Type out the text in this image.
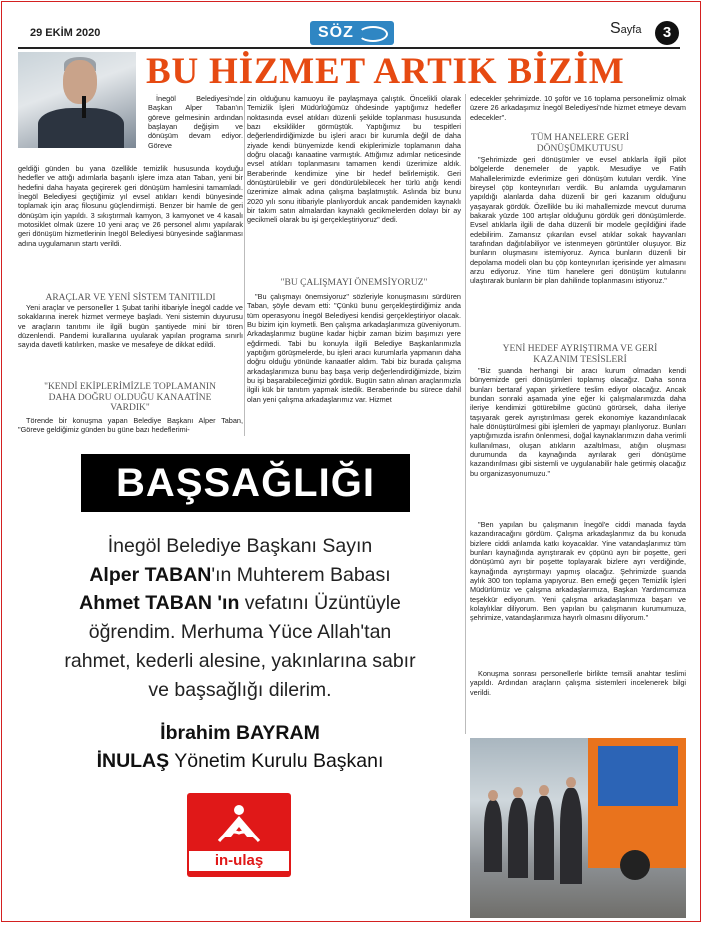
29 EKİM 2020	SÖZ	Sayfa	3
BU HİZMET ARTIK BİZİM

İnegöl Belediyesi'nde Başkan Alper Taban'ın göreve gelmesinin ardından başlayan değişim ve dönüşüm devam ediyor. Göreve

geldiği günden bu yana özellikle temizlik hususunda koyduğu hedefler ve attığı adımlarla başarılı işlere imza atan Taban, yeni bir hedefini daha hayata geçirerek geri dönüşüm hamlesini tamamladı. İnegöl Belediyesi geçtiğimiz yıl evsel atıkları kendi bünyesinde toplamak için araç filosunu güçlendirmişti. Benzer bir hamle de geri dönüşüm için yapıldı. 3 sıkıştırmalı kamyon, 3 kamyonet ve 4 kasalı motosiklet olmak üzere 10 yeni araç ve 26 personel alımı yapılarak geri dönüşüm hizmetlerinin İnegöl Belediyesi bünyesinde sağlanması adına uygulamanın startı verildi.

ARAÇLAR VE YENİ SİSTEM TANITILDI

Yeni araçlar ve personeller 1 Şubat tarihi itibariyle İnegöl cadde ve sokaklarına inerek hizmet vermeye başladı. Yeni sistemin duyurusu ve araçların tanıtımı ile ilgili bugün şantiyede mini bir tören düzenlendi. Pandemi kurallarına uyularak yapılan programa sınırlı sayıda davetli katılırken, maske ve mesafeye de dikkat edildi.

"KENDİ EKİPLERİMİZLE TOPLAMANIN DAHA DOĞRU OLDUĞU KANAATİNE VARDIK"

Törende bir konuşma yapan Belediye Başkanı Alper Taban, "Göreve geldiğimiz günden bu güne bazı hedeflerimi-

zin olduğunu kamuoyu ile paylaşmaya çalıştık. Öncelikli olarak Temizlik İşleri Müdürlüğümüz ühdesinde yaptığımız hedefler noktasında evsel atıkları düzenli şekilde toplanması hususunda bazı eksiklikler görmüştük. Yaptığımız bu tespitleri değerlendirdiğimizde bu işleri aracı bir kurumla değil de daha ziyade kendi bünyemizde kendi ekiplerimizle toplamanın daha doğru olacağı kanaatine varmıştık. Attığımız adımlar neticesinde evsel atıkları toplanmasını tamamen kendi üzerimize aldık. Beraberinde kendimize yine bir hedef belirlemiştik. Geri dönüştürülebilir ve geri döndürülebilecek her türlü atığı kendi üzerimize almak adına çalışma başlatmıştık. Aslında biz bunu 2020 yılı sonu itibariyle planlıyorduk ancak pandemiden kaynaklı bir takım satın almalardan kaynaklı gecikmelerden dolayı bir ay gecikmeli olarak bu işi gerçekleştiriyoruz" dedi.

"BU ÇALIŞMAYI ÖNEMSİYORUZ"

"Bu çalışmayı önemsiyoruz" sözleriyle konuşmasını sürdüren Taban, şöyle devam etti: "Çünkü bunu gerçekleştirdiğimiz anda tüm operasyonu İnegöl Belediyesi kendisi gerçekleştiriyor olacak. Bu bizim için kıymetli. Ben çalışma arkadaşlarımıza güveniyorum. Arkadaşlarımız bugüne kadar hiçbir zaman bizim başımızı yere eğdirmedi. Tabi bu konuyla ilgili Belediye Başkanlarımızla yaptığım görüşmelerde, bu işleri aracı kurumlarla yapmanın daha doğru olduğu yönünde kanaatler aldım. Tabi biz burada çalışma arkadaşlarımıza bunu baş başa verip değerlendirdiğimizde, bizim bu işi başarabileceğimizi gördük. Bugün satın alınan araçlarımızla ilgili kük bir tanıtım yapmak istedik. Beraberinde bu sürece dahil olan yeni çalışma arkadaşlarımız var. Hizmet

edecekler şehrimizde. 10 şoför ve 16 toplama personelimiz olmak üzere 26 arkadaşımız İnegöl Belediyesi'nde hizmet etmeye devam edecekler".

TÜM HANELERE GERİ DÖNÜŞÜMKUTUSU

"Şehrimizde geri dönüşümler ve evsel atıklarla ilgili pilot bölgelerde denemeler de yaptık. Mesudiye ve Fatih Mahallelerimizde evlerimize geri dönüşüm kutuları verdik. Yine bireysel çöp konteynırları verdik. Bu anlamda uygulamanın yapıldığı alanlarda daha düzenli bir geri kazanım olduğunu yaşayarak gördük. Özellikle bu iki mahallemizde mevcut duruma bakarak yüzde 100 artışlar olduğunu gördük geri dönüşümlerde. Evsel atıklarla ilgili de daha düzenli bir modele geçildiğini ifade edebilirim. Zamansız çıkarılan evsel atıklar sokak hayvanları tarafından dağıtılabiliyor ve istenmeyen görüntüler oluşuyor. Biz bunların oluşmasını istemiyoruz. Ayrıca bunların düzenli bir depolama modeli olan bu çöp konteynırları içerisinde yer almasını arzu ediyoruz. Yine tüm hanelere geri dönüşüm kutularını ulaştırarak bunların bir plan dahilinde toplanmasını istiyoruz."

YENİ HEDEF AYRIŞTIRMA VE GERİ KAZANIM TESİSLERİ

"Biz şuanda herhangi bir aracı kurum olmadan kendi bünyemizde geri dönüşümleri toplamış olacağız. Daha sonra bunları bertaraf yapan şirketlere teslim ediyor olacağız. Ancak bundan sonraki aşamada yine eğer ki çalışmalarımızda daha ileriye kendimizi götürebilme gücünü görürsek, daha ileriye taşıyarak gerek ayrıştırılması gerek ekonomiye kazandırılacak hale dönüştürülmesi gibi işlemleri de yapmayı planlıyoruz. Bunları yaptığımızda israfın önlenmesi, doğal kaynaklarımızın daha verimli kullanılması, oluşan atıkların azaltılması, atığın oluşması durumunda da kaynağında ayrılarak geri dönüşüme kazandırılması gibi sistemli ve uygulanabilir hale getirmiş olacağız bu organizasyonumuzu."

"Ben yapılan bu çalışmanın İnegöl'e ciddi manada fayda kazandıracağını gördüm. Çalışma arkadaşlarımız da bu konuda bizlere ciddi anlamda katkı koyacaklar. Yine vatandaşlarımız tüm bunları kaynağında ayrıştırarak ev çöpünü ayrı bir poşette, geri dönüşümü ayrı bir poşette toplayarak bizlere ayrı verdiğinde, kaynağında ayrıştırmayı yapmış olacağız. Şehrimizde şuanda aylık 300 ton toplama yapıyoruz. Ben emeği geçen Temizlik İşleri Müdürlümüz ve çalışma arkadaşlarımıza, Başkan Yardımcımıza teşekkür ediyorum. Yeni çalışma arkadaşlarımıza başarı ve kolaylıklar diliyorum. Ben yapılan bu çalışmanın kurumumuza, şehrimize, vatandaşlarımıza hayırlı olmasını diliyorum."

Konuşma sonrası personellerle birlikte temsili anahtar teslimi yapıldı. Ardından araçların çalışma sistemleri incelenerek bilgi verildi.

BAŞSAĞLIĞI
İnegöl Belediye Başkanı Sayın
Alper TABAN'ın Muhterem Babası
Ahmet TABAN 'ın vefatını Üzüntüyle
öğrendim. Merhuma Yüce Allah'tan
rahmet, kederli alesine, yakınlarına sabır
ve başsağlığı dilerim.
İbrahim BAYRAM
İNULAŞ Yönetim Kurulu Başkanı
in-ulaş
